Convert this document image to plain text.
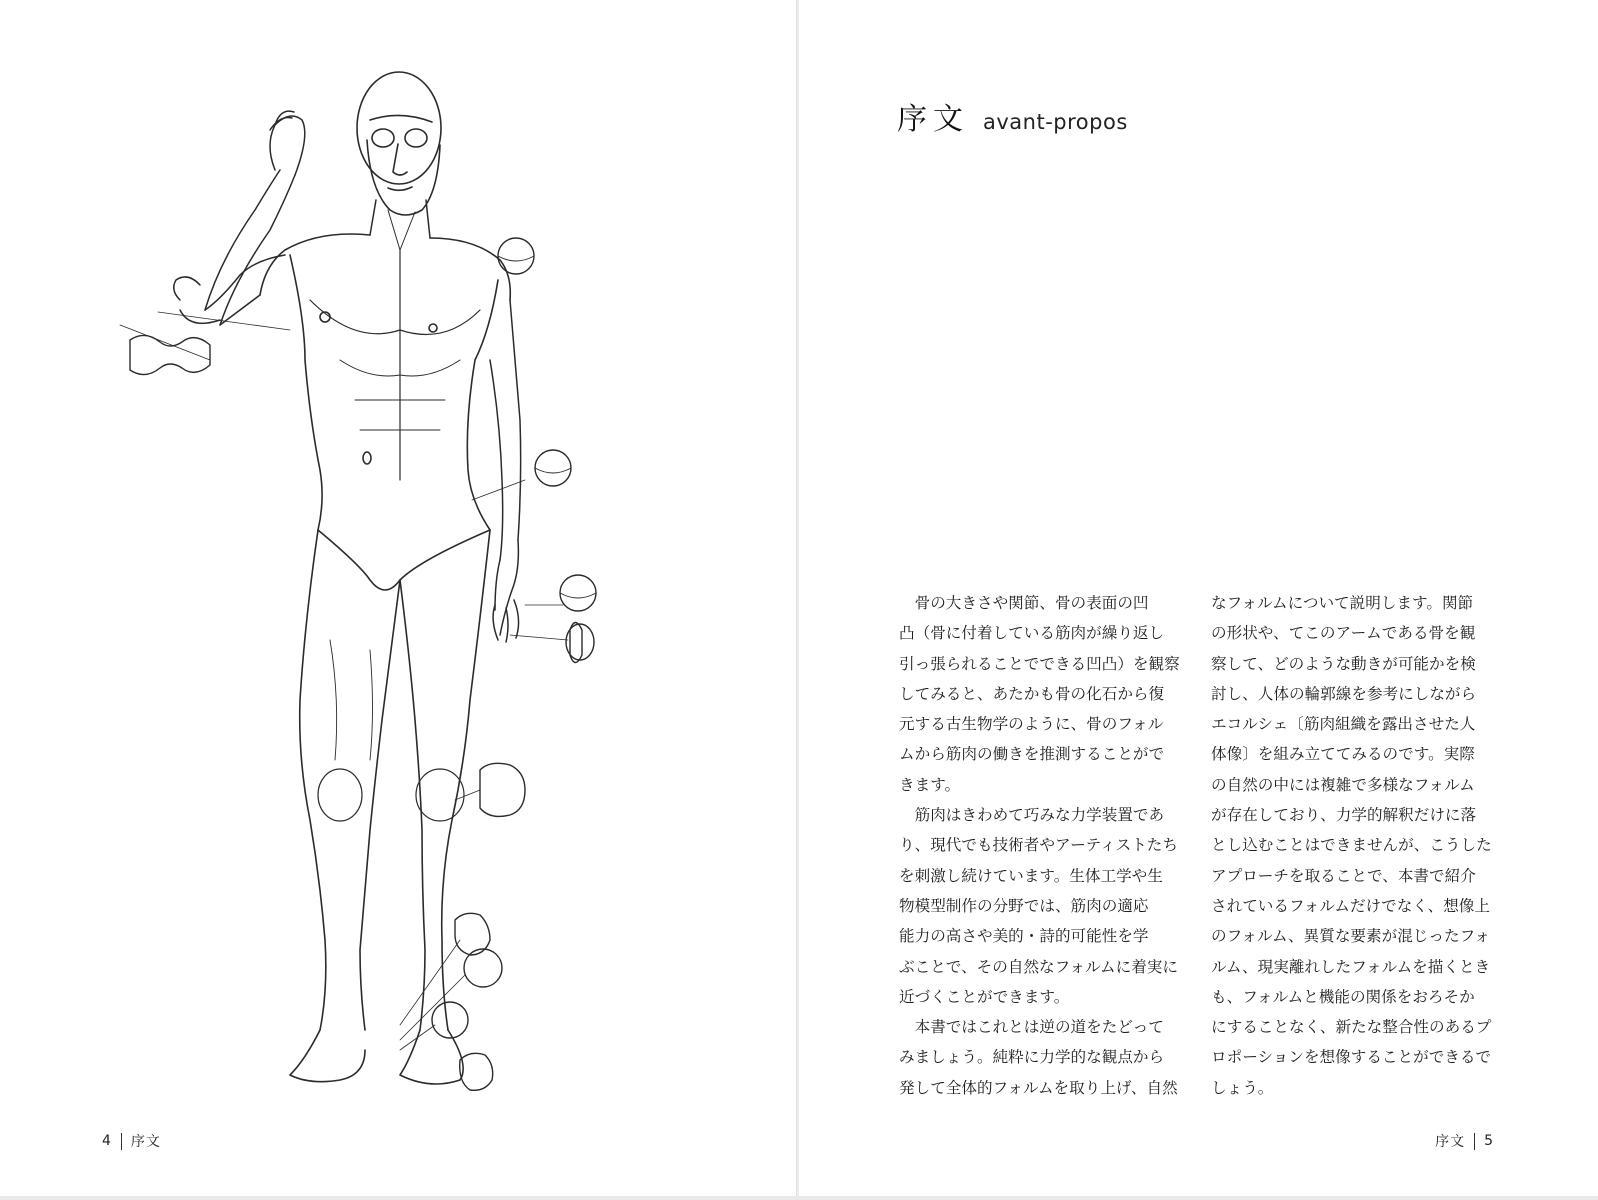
4 序文
序文 avant-propos
　骨の大きさや関節、骨の表面の凹
凸（骨に付着している筋肉が繰り返し
引っ張られることでできる凹凸）を観察
してみると、あたかも骨の化石から復
元する古生物学のように、骨のフォル
ムから筋肉の働きを推測することがで
きます。
　筋肉はきわめて巧みな力学装置であ
り、現代でも技術者やアーティストたち
を刺激し続けています。生体工学や生
物模型制作の分野では、筋肉の適応
能力の高さや美的・詩的可能性を学
ぶことで、その自然なフォルムに着実に
近づくことができます。
　本書ではこれとは逆の道をたどって
みましょう。純粋に力学的な観点から
発して全体的フォルムを取り上げ、自然
なフォルムについて説明します。関節
の形状や、てこのアームである骨を観
察して、どのような動きが可能かを検
討し、人体の輪郭線を参考にしながら
エコルシェ〔筋肉組織を露出させた人
体像〕を組み立ててみるのです。実際
の自然の中には複雑で多様なフォルム
が存在しており、力学的解釈だけに落
とし込むことはできませんが、こうした
アプローチを取ることで、本書で紹介
されているフォルムだけでなく、想像上
のフォルム、異質な要素が混じったフォ
ルム、現実離れしたフォルムを描くとき
も、フォルムと機能の関係をおろそか
にすることなく、新たな整合性のあるプ
ロポーションを想像することができるで
しょう。
序文 5
